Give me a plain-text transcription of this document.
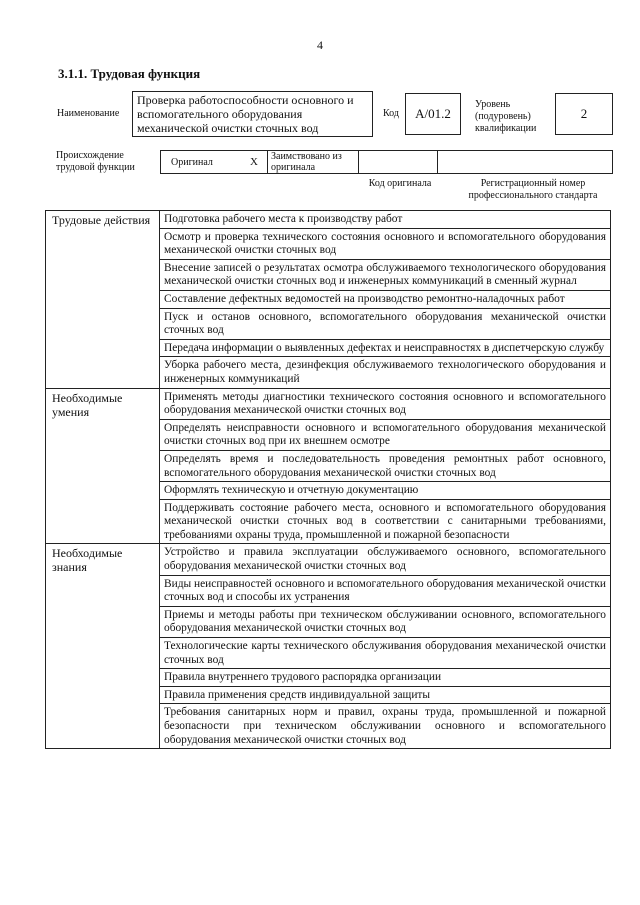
4
3.1.1. Трудовая функция
Наименование
Проверка работоспособности основного и вспомогательного оборудования механической очистки сточных вод
Код	А/01.2
Уровень (подуровень) квалификации
2
Происхождение трудовой функции	Оригинал	X Заимствовано из оригинала
Код оригинала	Регистрационный номер профессионального стандарта
Трудовые действия	Подготовка рабочего места к производству работ
	Осмотр и проверка технического состояния основного и вспомогательного оборудования механической очистки сточных вод
	Внесение записей о результатах осмотра обслуживаемого технологического оборудования механической очистки сточных вод и инженерных коммуникаций в сменный журнал
	Составление дефектных ведомостей на производство ремонтно-наладочных работ
	Пуск и останов основного, вспомогательного оборудования механической очистки сточных вод
	Передача информации о выявленных дефектах и неисправностях в диспетчерскую службу
	Уборка рабочего места, дезинфекция обслуживаемого технологического оборудования и инженерных коммуникаций
Необходимые умения	Применять методы диагностики технического состояния основного и вспомогательного оборудования механической очистки сточных вод
	Определять неисправности основного и вспомогательного оборудования механической очистки сточных вод при их внешнем осмотре
	Определять время и последовательность проведения ремонтных работ основного, вспомогательного оборудования механической очистки сточных вод
	Оформлять техническую и отчетную документацию
	Поддерживать состояние рабочего места, основного и вспомогательного оборудования механической очистки сточных вод в соответствии с санитарными требованиями, требованиями охраны труда, промышленной и пожарной безопасности
Необходимые знания	Устройство и правила эксплуатации обслуживаемого основного, вспомогательного оборудования механической очистки сточных вод
	Виды неисправностей основного и вспомогательного оборудования механической очистки сточных вод и способы их устранения
	Приемы и методы работы при техническом обслуживании основного, вспомогательного оборудования механической очистки сточных вод
	Технологические карты технического обслуживания оборудования механической очистки сточных вод
	Правила внутреннего трудового распорядка организации
	Правила применения средств индивидуальной защиты
	Требования санитарных норм и правил, охраны труда, промышленной и пожарной безопасности при техническом обслуживании основного и вспомогательного оборудования механической очистки сточных вод
